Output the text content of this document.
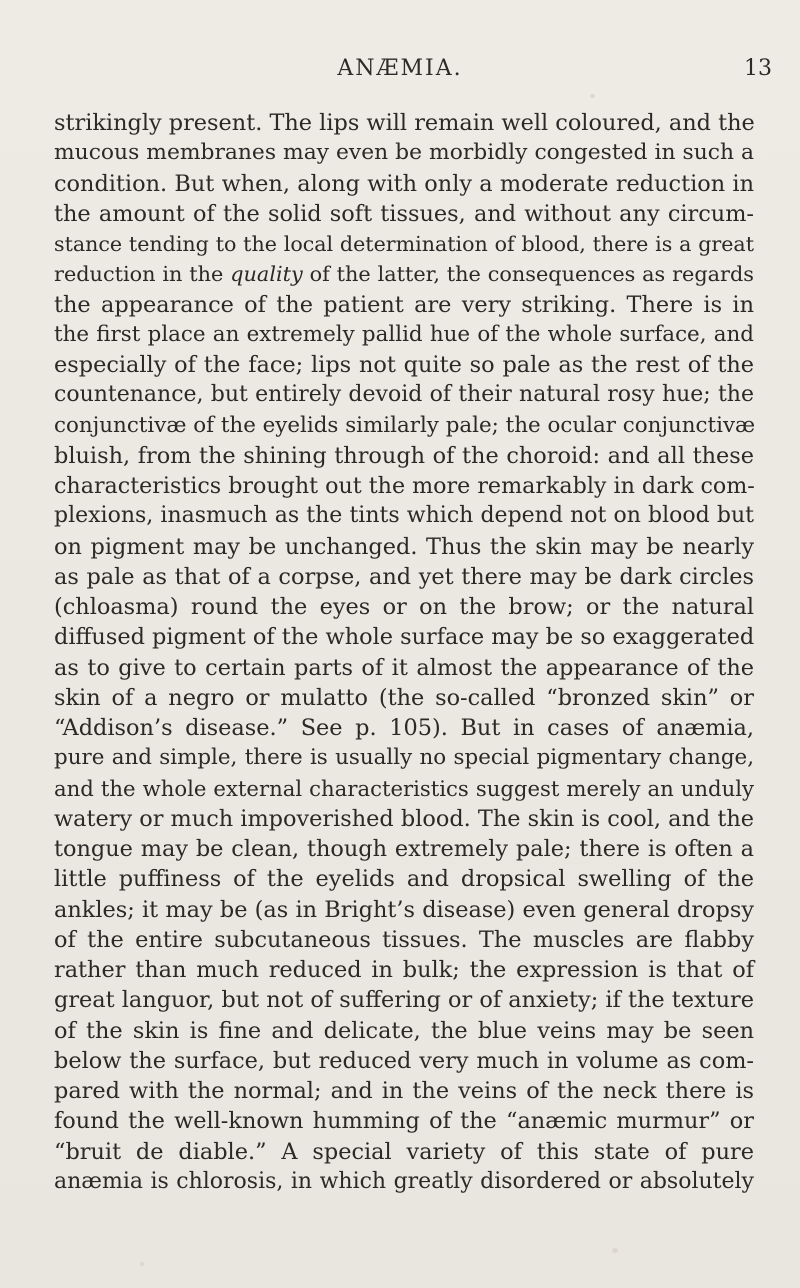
ANÆMIA.	13
strikingly present. The lips will remain well coloured, and the
mucous membranes may even be morbidly congested in such a
condition. But when, along with only a moderate reduction in
the amount of the solid soft tissues, and without any circum-
stance tending to the local determination of blood, there is a great
reduction in the quality of the latter, the consequences as regards
the appearance of the patient are very striking. There is in
the first place an extremely pallid hue of the whole surface, and
especially of the face; lips not quite so pale as the rest of the
countenance, but entirely devoid of their natural rosy hue; the
conjunctivæ of the eyelids similarly pale; the ocular conjunctivæ
bluish, from the shining through of the choroid: and all these
characteristics brought out the more remarkably in dark com-
plexions, inasmuch as the tints which depend not on blood but
on pigment may be unchanged. Thus the skin may be nearly
as pale as that of a corpse, and yet there may be dark circles
(chloasma) round the eyes or on the brow; or the natural
diffused pigment of the whole surface may be so exaggerated
as to give to certain parts of it almost the appearance of the
skin of a negro or mulatto (the so-called “bronzed skin” or
“Addison’s disease.” See p. 105). But in cases of anæmia,
pure and simple, there is usually no special pigmentary change,
and the whole external characteristics suggest merely an unduly
watery or much impoverished blood. The skin is cool, and the
tongue may be clean, though extremely pale; there is often a
little puffiness of the eyelids and dropsical swelling of the
ankles; it may be (as in Bright’s disease) even general dropsy
of the entire subcutaneous tissues. The muscles are flabby
rather than much reduced in bulk; the expression is that of
great languor, but not of suffering or of anxiety; if the texture
of the skin is fine and delicate, the blue veins may be seen
below the surface, but reduced very much in volume as com-
pared with the normal; and in the veins of the neck there is
found the well-known humming of the “anæmic murmur” or
“bruit de diable.” A special variety of this state of pure
anæmia is chlorosis, in which greatly disordered or absolutely
